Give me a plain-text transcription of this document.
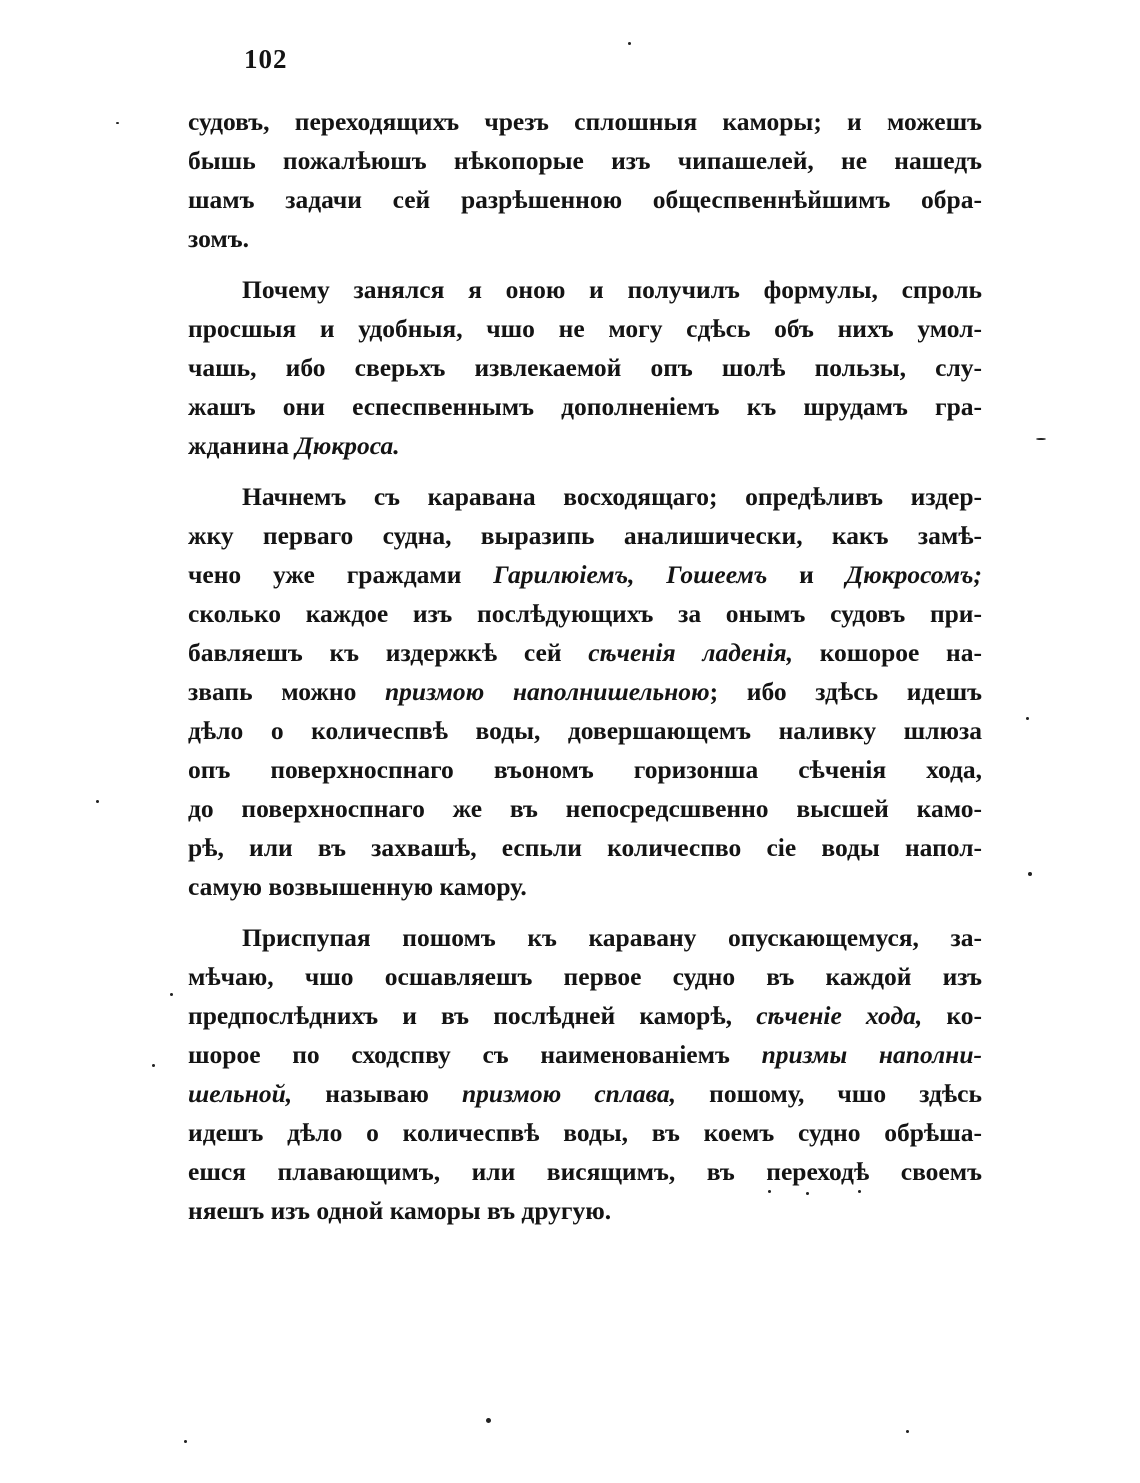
102
судовъ, переходящихъ чрезъ сплошныя каморы; и можешъ
бышь пожалѣюшъ нѣкопорые изъ чипашелей, не нашедъ
шамъ задачи сей разрѣшенною общеспвеннѣйшимъ обра-
зомъ.
Почему занялся я оною и получилъ формулы, спроль
просшыя и удобныя, чшо не могу сдѣсь объ нихъ умол-
чашь, ибо сверьхъ извлекаемой опъ шолѣ пользы, слу-
жашъ они еспеспвеннымъ дополненіемъ къ шрудамъ гра-
жданина Дюкроса.
Начнемъ съ каравана восходящаго; опредѣливъ издер-
жку перваго судна, выразипь аналишически, какъ замѣ-
чено уже граждами Гарилюіемъ, Гошеемъ и Дюкросомъ;
сколько каждое изъ послѣдующихъ за онымъ судовъ при-
бавляешъ къ издержкѣ сей сѣченія ладенія, кошорое на-
звапь можно призмою наполнишельною; ибо здѣсь идешъ
дѣло о количеспвѣ воды, довершающемъ наливку шлюза
опъ поверхноспнаго въономъ горизонша сѣченія хода,
до поверхноспнаго же въ непосредсшвенно высшей камо-
рѣ, или въ захвашѣ, еспьли количеспво сіе воды напол-
самую возвышенную камору.
Приспупая пошомъ къ каравану опускающемуся, за-
мѣчаю, чшо осшавляешъ первое судно въ каждой изъ
предпослѣднихъ и въ послѣдней каморѣ, сѣченіе хода, ко-
шорое по сходспву съ наименованіемъ призмы наполни-
шельной, называю призмою сплава, пошому, чшо здѣсь
идешъ дѣло о количеспвѣ воды, въ коемъ судно обрѣша-
ешся плавающимъ, или висящимъ, въ переходѣ своемъ
няешъ изъ одной каморы въ другую.
